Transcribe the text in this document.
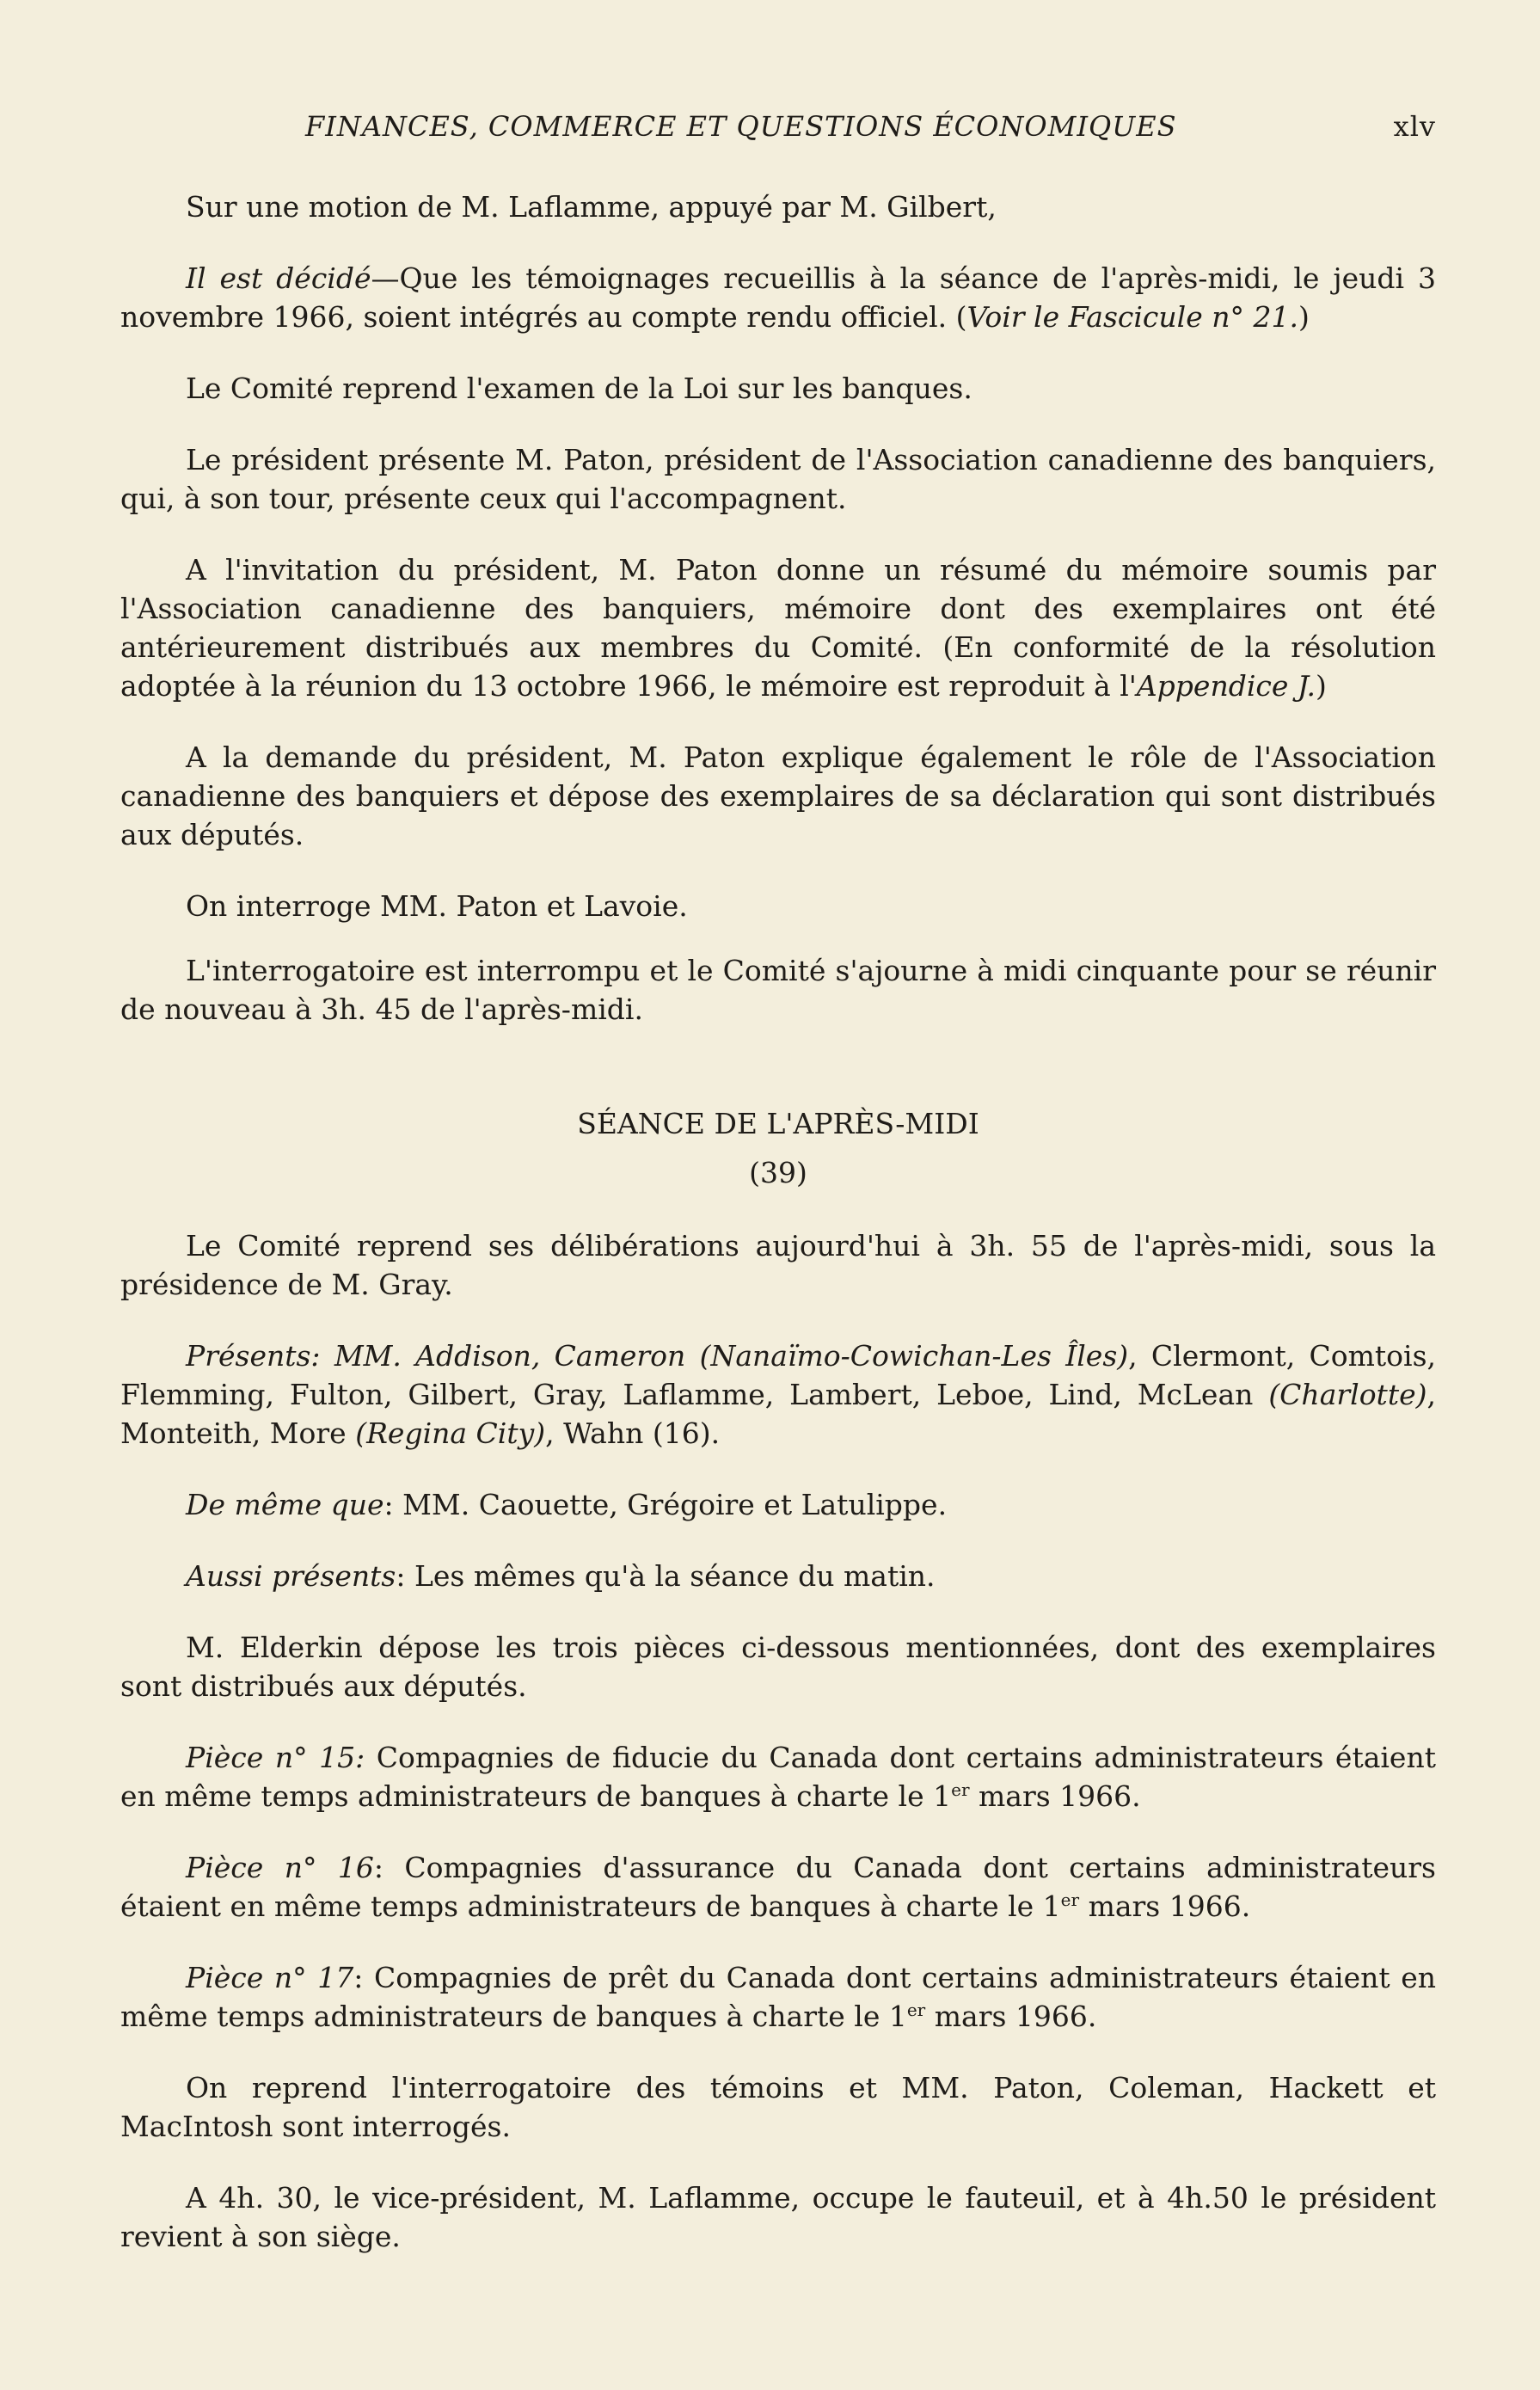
FINANCES, COMMERCE ET QUESTIONS ÉCONOMIQUES	xlv

Sur une motion de M. Laflamme, appuyé par M. Gilbert,

Il est décidé—Que les témoignages recueillis à la séance de l'après-midi, le jeudi 3 novembre 1966, soient intégrés au compte rendu officiel. (Voir le Fascicule n° 21.)

Le Comité reprend l'examen de la Loi sur les banques.

Le président présente M. Paton, président de l'Association canadienne des banquiers, qui, à son tour, présente ceux qui l'accompagnent.

A l'invitation du président, M. Paton donne un résumé du mémoire soumis par l'Association canadienne des banquiers, mémoire dont des exemplaires ont été antérieurement distribués aux membres du Comité. (En conformité de la résolution adoptée à la réunion du 13 octobre 1966, le mémoire est reproduit à l'Appendice J.)

A la demande du président, M. Paton explique également le rôle de l'Association canadienne des banquiers et dépose des exemplaires de sa déclaration qui sont distribués aux députés.

On interroge MM. Paton et Lavoie.

L'interrogatoire est interrompu et le Comité s'ajourne à midi cinquante pour se réunir de nouveau à 3h. 45 de l'après-midi.

SÉANCE DE L'APRÈS-MIDI
(39)

Le Comité reprend ses délibérations aujourd'hui à 3h. 55 de l'après-midi, sous la présidence de M. Gray.

Présents: MM. Addison, Cameron (Nanaïmo-Cowichan-Les Îles), Clermont, Comtois, Flemming, Fulton, Gilbert, Gray, Laflamme, Lambert, Leboe, Lind, McLean (Charlotte), Monteith, More (Regina City), Wahn (16).

De même que: MM. Caouette, Grégoire et Latulippe.

Aussi présents: Les mêmes qu'à la séance du matin.

M. Elderkin dépose les trois pièces ci-dessous mentionnées, dont des exemplaires sont distribués aux députés.

Pièce n° 15: Compagnies de fiducie du Canada dont certains administrateurs étaient en même temps administrateurs de banques à charte le 1er mars 1966.

Pièce n° 16: Compagnies d'assurance du Canada dont certains administrateurs étaient en même temps administrateurs de banques à charte le 1er mars 1966.

Pièce n° 17: Compagnies de prêt du Canada dont certains administrateurs étaient en même temps administrateurs de banques à charte le 1er mars 1966.

On reprend l'interrogatoire des témoins et MM. Paton, Coleman, Hackett et MacIntosh sont interrogés.

A 4h. 30, le vice-président, M. Laflamme, occupe le fauteuil, et à 4h.50 le président revient à son siège.
